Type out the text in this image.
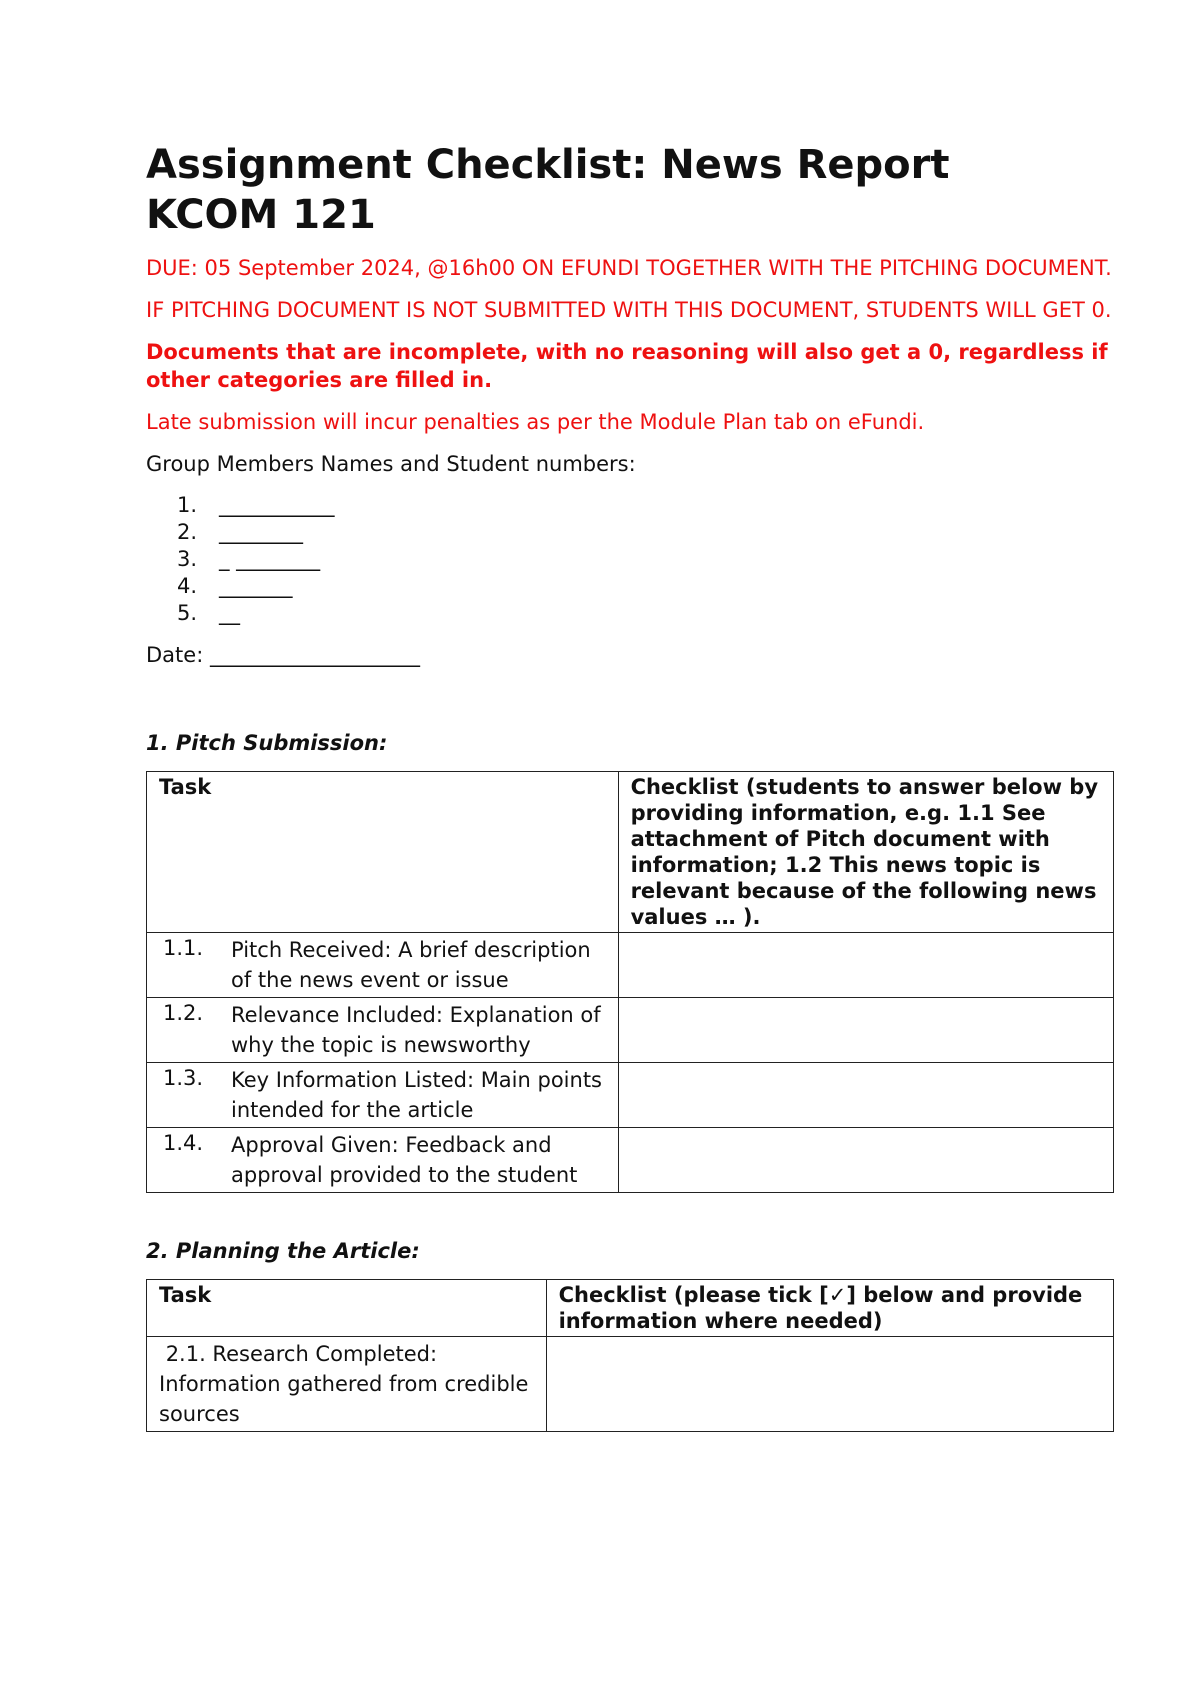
Assignment Checklist: News Report
KCOM 121

DUE: 05 September 2024, @16h00 ON EFUNDI TOGETHER WITH THE PITCHING DOCUMENT.

IF PITCHING DOCUMENT IS NOT SUBMITTED WITH THIS DOCUMENT, STUDENTS WILL GET 0.

Documents that are incomplete, with no reasoning will also get a 0, regardless if other categories are filled in.

Late submission will incur penalties as per the Module Plan tab on eFundi.

Group Members Names and Student numbers:

1.	___________
2.	________
3.	_ ________
4.	_______
5.	__

Date: ____________________

1. Pitch Submission:

Task	Checklist (students to answer below by providing information, e.g. 1.1 See attachment of Pitch document with information; 1.2 This news topic is relevant because of the following news values … ).

1.1. Pitch Received: A brief description of the news event or issue	

1.2. Relevance Included: Explanation of why the topic is newsworthy	

1.3. Key Information Listed: Main points intended for the article	

1.4. Approval Given: Feedback and approval provided to the student	

2. Planning the Article:

Task	Checklist (please tick [✓] below and provide information where needed)
2.1. Research Completed: Information gathered from credible sources	
